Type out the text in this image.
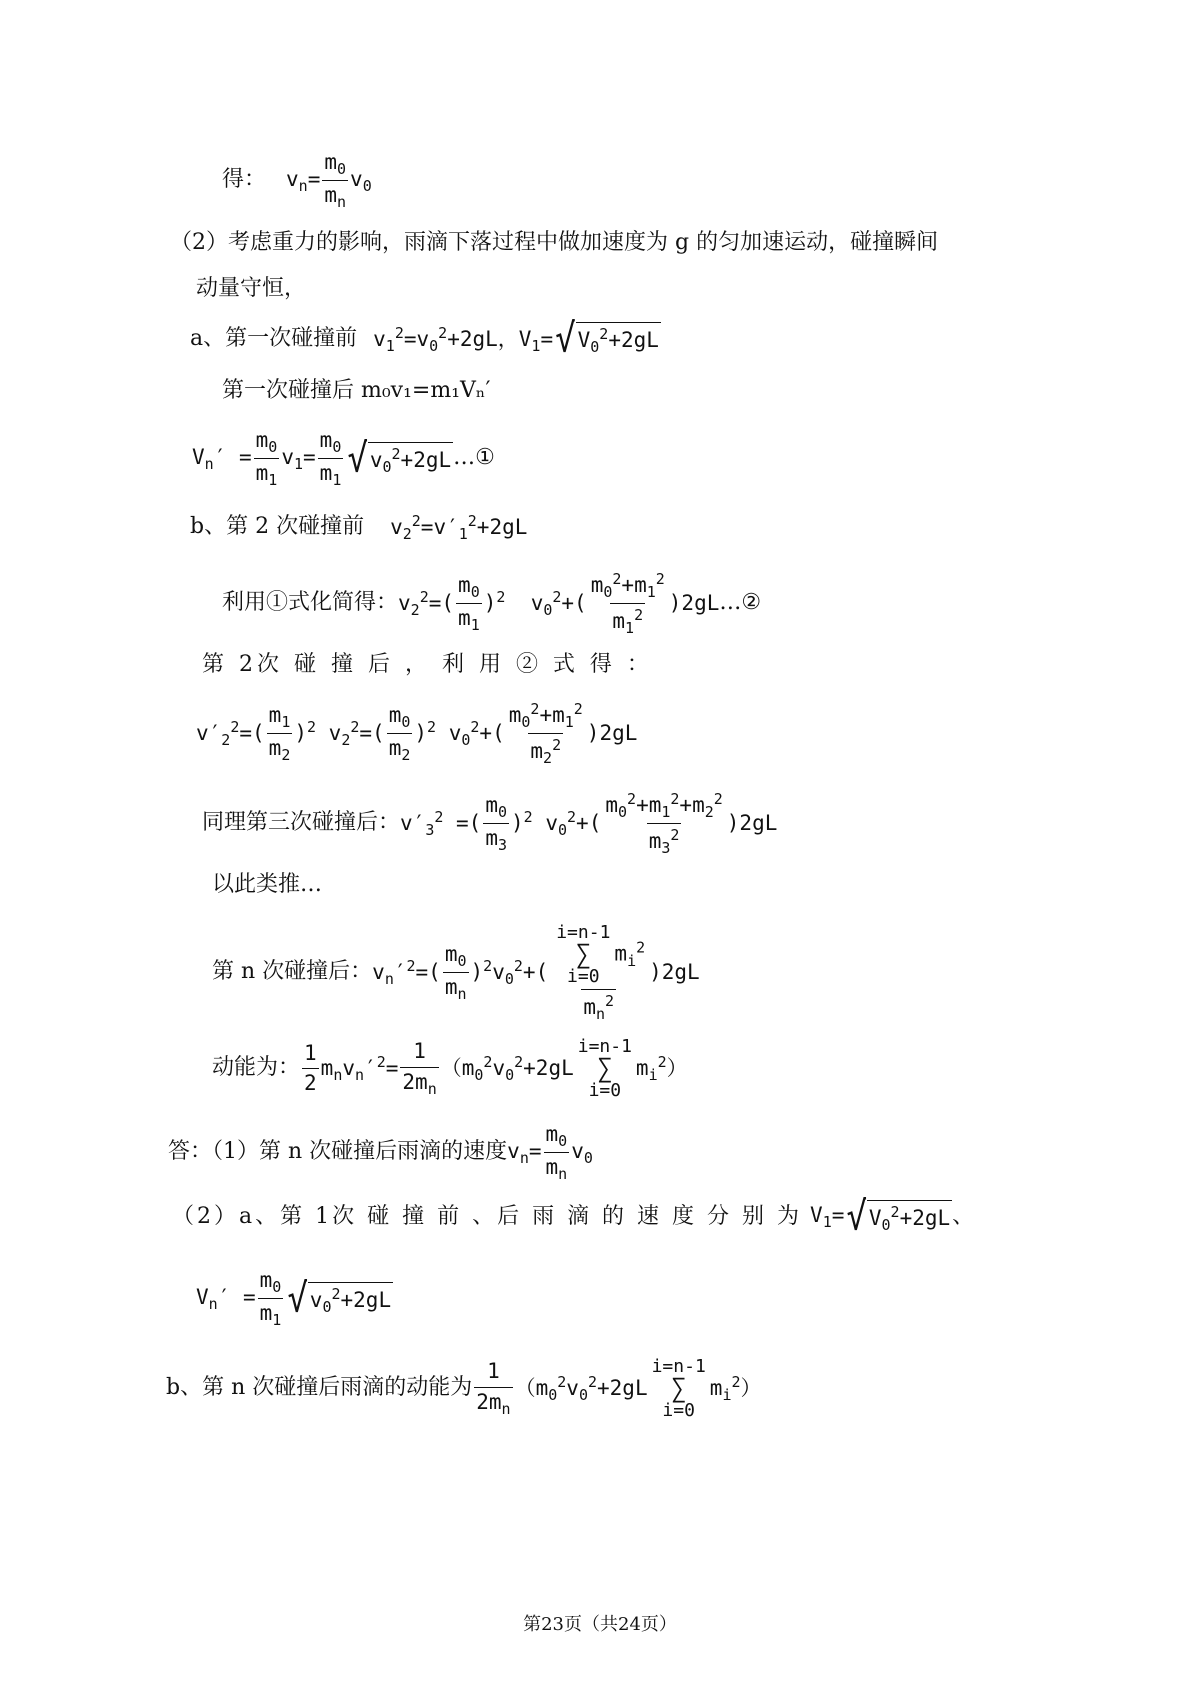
得： $v_n= \frac{m_0}{m_n} v_0$
（2）考虑重力的影响，雨滴下落过程中做加速度为 g 的匀加速运动，碰撞瞬间
动量守恒，
a、第一次碰撞前 $v_1^2=v_0^2+2gL$，$V_1=$ √ $V_0^2+2gL$
第一次碰撞后 m₀v₁=m₁Vₙ′
$V_n' = \frac{m_0}{m_1} v_1= \frac{m_0}{m_1}$ √ $v_0^2+2gL$ …①
b、第 2 次碰撞前 $v_2^2=v'_1^2+2gL$
利用①式化简得： $v_2^2=( \frac{m_0}{m_1} )^2$  $v_0^2+( \frac{m_0^2+m_1^2}{m_1^2} )2gL$ …②
第 2次 碰 撞 后 ， 利 用 ② 式 得 ：
$v'_2^2=( \frac{m_1}{m_2} )^2$ $v_2^2=( \frac{m_0}{m_2} )^2$ $v_0^2+( \frac{m_0^2+m_1^2}{m_2^2} )2gL$
同理第三次碰撞后： $v'_3^2$ =( $\frac{m_0}{m_3} )^2$ $v_0^2+( \frac{m_0^2+m_1^2+m_2^2}{m_3^2} )2gL$
以此类推…
第 n 次碰撞后： $v_n'^2=( \frac{m_0}{m_n} )^2v_0^2+$( i=n-1
∑
i=0
$m_i^2$
$m_n^2$ )2gL
动能为： $\frac{1}{2} m_nv_n'^2= \frac{1}{2m_n} (m_0^2v_0^2+2gL$
i=n-1
∑
i=0
$m_i^2$）
答：（1）第 n 次碰撞后雨滴的速度 $v_n= \frac{m_0}{m_n} v_0$
（2）a、第 1次 碰 撞 前 、后 雨 滴 的 速 度 分 别 为 $V_1=$ √ $V_0^2+2gL$ 、
$V_n' = \frac{m_0}{m_1}$ √ $v_0^2+2gL$
b、第 n 次碰撞后雨滴的动能为 $\frac{1}{2m_n} (m_0^2v_0^2+2gL$
i=n-1
∑
i=0
$m_i^2$）
第23页（共24页）
